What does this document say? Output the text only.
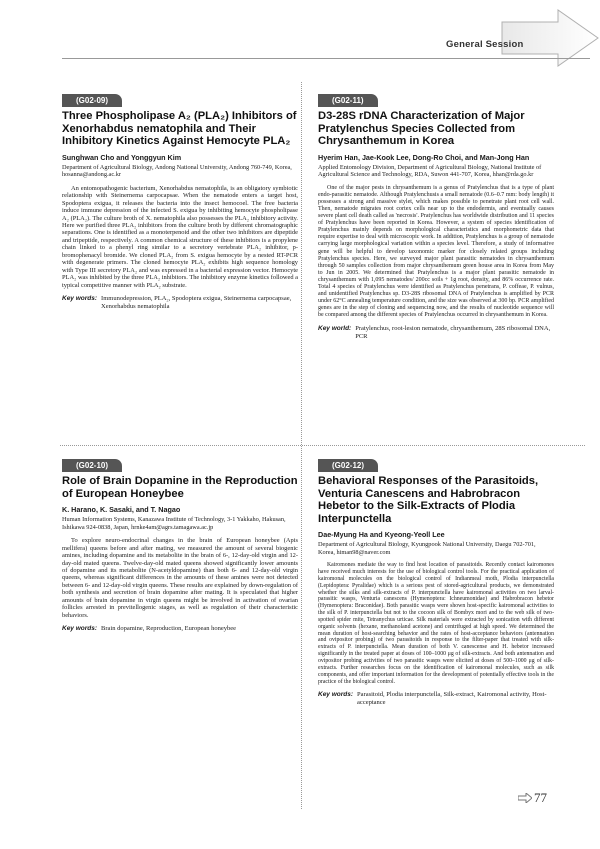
General Session
(G02-09)
Three Phospholipase A₂ (PLA₂) Inhibitors of Xenorhabdus nematophila and Their Inhibitory Kinetics Against Hemocyte PLA₂
Sunghwan Cho and Yonggyun Kim
Department of Agricultural Biology, Andong National University, Andong 760-749, Korea, hosanna@andong.ac.kr
An entomopathogenic bacterium, Xenorhabdus nematophila, is an obligatory symbiotic relationship with Steinernema carpocapsae. When the nematode enters a target host, Spodoptera exigua, it releases the bacteria into the insect hemocoel. The free bacteria induce immune depression of the infected S. exigua by inhibiting hemocyte phospholipase A₂ (PLA₂). The culture broth of X. nematophila also possesses the PLA₂ inhibitory activity. Here we purified three PLA₂ inhibitors from the culture broth by different chromatographic separations. One is identified as a monoterpenoid and the other two inhibitors are dipeptide and tripeptide, respectively. A common chemical structure of these inhibitors is a propylene chain linked to a phenyl ring similar to a secretory vertebrate PLA₂ inhibitor, p-bromophenacyl bromide. We cloned PLA₂ from S. exigua hemocyte by a nested RT-PCR with degenerate primers. The cloned hemocyte PLA₂ exhibits high sequence homology with Type III secretory PLA₂ and was expressed in a bacterial expression vector. Hemocyte PLA₂ was inhibited by the three PLA₂ inhibitors. The inhibitory enzyme kinetics followed a typical competitive manner with PLA₂ substrate.
Key words: Immunodepression, PLA₂, Spodoptera exigua, Steinernema carpocapsae, Xenorhabdus nematophila
(G02-11)
D3-28S rDNA Characterization of Major Pratylenchus Species Collected from Chrysanthemum in Korea
Hyerim Han, Jae-Kook Lee, Dong-Ro Choi, and Man-Jong Han
Applied Entomology Division, Department of Agricultural Biology, National Institute of Agricultural Science and Technology, RDA, Suwon 441-707, Korea, hhan@rda.go.kr
One of the major pests in chrysanthemum is a genus of Pratylenchus that is a type of plant endo-parasitic nematode. Although Pratylenchusis a small nematode (0.6–0.7 mm: body length) it possesses a strong and massive stylet, which makes possible to penetrate plant root cell wall. Then, nematode migrates root cortex cells near up to the endodermis, and eventually causes severe plant cell death called as 'necrosis'. Pratylenchus has worldwide distribution and 11 species of Pratylenchus have been reported in Korea. However, a system of species identification of Pratylenchus mainly depends on morphological characteristics and morphometric data that require expertise to deal with microscopic work. In addition, Pratylenchus is a group of nematode carrying large morphological variation within a species level. Therefore, a study of informative gene will be helpful to develop taxonomic marker for closely related groups including Pratylenchus species. Here, we surveyed major plant parasitic nematodes in chrysanthemum through 50 samples collection from major chrysanthemum green house area in Korea from May to Jun in 2005. We determined that Pratylenchus is a major plant parasitic nematode in chrysanthemum with 1,095 nematodes/ 200cc soils + 1g root, density, and 86% occurrence rate. Total 4 species of Pratylenchus were identified as Pratylenchus penetrans, P. coffeae, P. vulnus, and unidentified Pratylenchus sp. D3-28S ribosomal DNA of Pratylenchus is amplified by PCR under 62°C annealing temperature condition, and the size was observed at 300 bp. PCR amplified genes are in the step of cloning and sequencing now, and the results of nucleotide sequence will be compared among the different species of Pratylenchus occurred in chrysanthemum in Korea.
Key world: Pratylenchus, root-lesion nematode, chrysanthemum, 28S ribosomal DNA, PCR
(G02-10)
Role of Brain Dopamine in the Reproduction of European Honeybee
K. Harano, K. Sasaki, and T. Nagao
Human Information Systems, Kanazawa Institute of Technology, 3-1 Yakkaho, Hakusan, Ishikawa 924-0838, Japan, hrnke4am@agrs.tamagawa.ac.jp
To explore neuro-endocrinal changes in the brain of European honeybee (Apis mellifera) queens before and after mating, we measured the amount of several biogenic amines, including dopamine and its metabolite in the brain of 6-, 12-day-old virgin and 12-day-old mated queens. Twelve-day-old mated queens showed significantly lower amounts of dopamine and its metabolite (N-acetyldopamine) than both 6- and 12-day-old virgin queens, whereas significant differences in the amounts of these amines were not detected between 6- and 12-day-old virgin queens. These results are explained by down-regulation of both synthesis and secretion of brain dopamine after mating. It is speculated that higher amounts of brain dopamine in virgin queens might be involved in activation of ovarian follicles arrested in previtellogenic stages, as well as regulation of their characteristic behaviors.
Key words: Brain dopamine, Reproduction, European honeybee
(G02-12)
Behavioral Responses of the Parasitoids, Venturia Canescens and Habrobracon Hebetor to the Silk-Extracts of Plodia Interpunctella
Dae-Myung Ha and Kyeong-Yeoll Lee
Department of Agricultural Biology, Kyungpook National University, Daegu 702-701, Korea, himan98@naver.com
Kairomones mediate the way to find host location of parasitoids. Recently contact kairomones have received much interests for the use of biological control tools. For the practical application of kairomonal molecules on the biological control of Indianmeal moth, Plodia interpunctella (Lepidoptera: Pyralidae) which is a serious pest of stored-agricultural products, we demonstrated whether the silks and silk-extracts of P. interpunctella have kairomonal activities on two larval-parasitic wasps, Venturia canescens (Hymenoptera: Ichneumonidae) and Habrobracon hebetor (Hymenoptera: Braconidae). Both parasitic wasps were shown host-specific kairomonal activities to the silk of P. interpunctella but not to the cocoon silk of Bombyx mori and to the web silk of two-spotted spider mite, Tetranychus urticae. Silk materials were extracted by sonication with different organic solvents (hexane, methanoland acetone) and centrifuged at high speed. We determined the mean duration of host-searching behavior and the rates of host-acceptance behaviors (antennation and ovipositor probing) of two parasitoids in response to the filter-paper that treated with silk-extracts of P. interpunctella. Mean duration of both V. canescense and H. hebetor increased significantly in the treated paper at doses of 100–1000 μg of silk-extracts. And both antennation and ovipositor probing activities of two parasitic wasps were elicited at doses of 500–1000 μg of silk-extracts. Further researches focus on the identification of kairomonal molecules, such as silk components, and offer important information for the development of potentially effective tools in the practice of the biological control.
Key words: Parasitoid, Plodia interpunctella, Silk-extract, Kairomonal activity, Host-acceptance
77
